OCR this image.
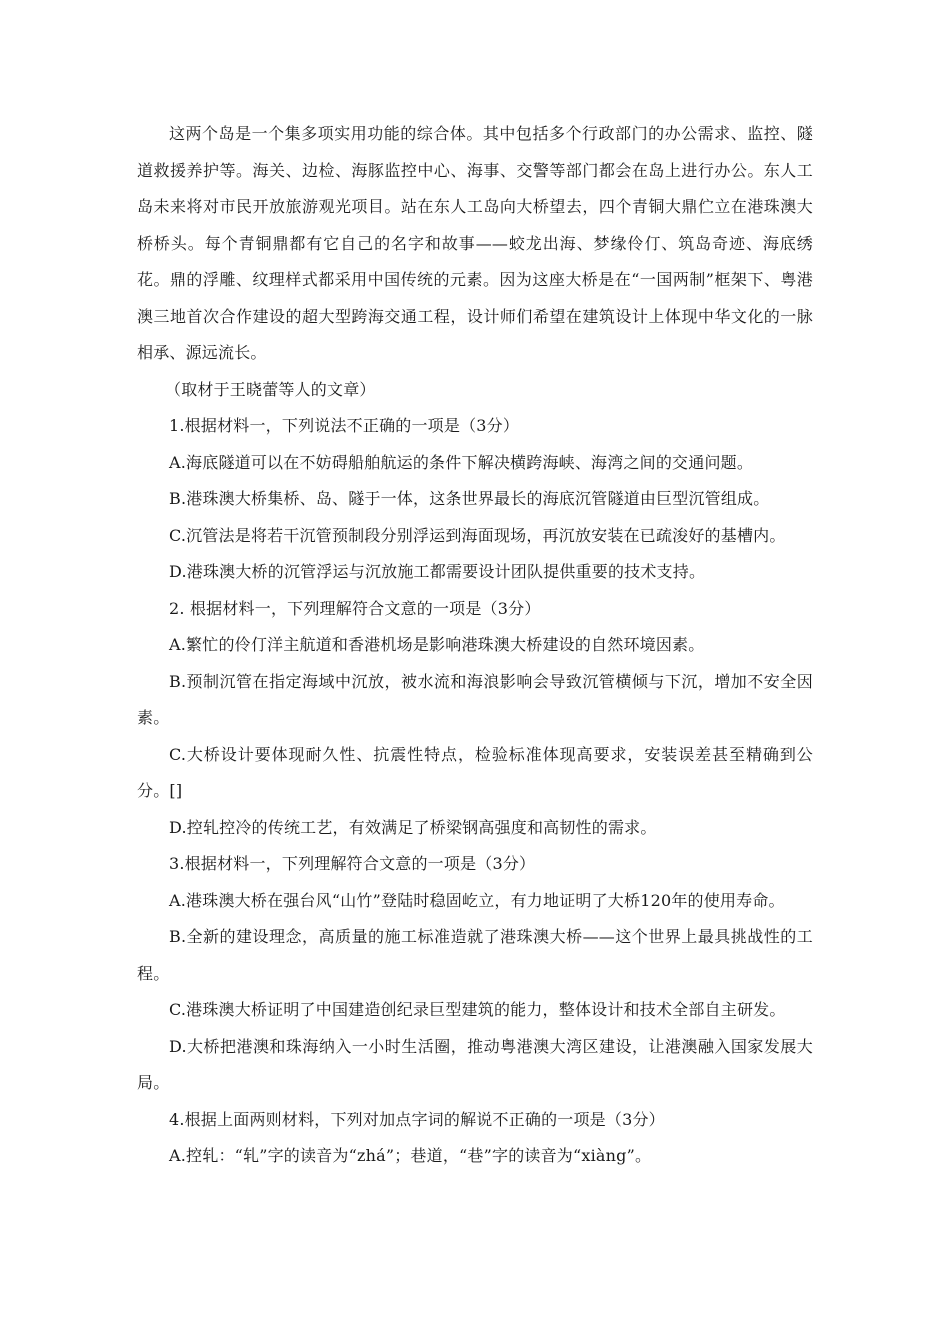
这两个岛是一个集多项实用功能的综合体。其中包括多个行政部门的办公需求、监控、隧道救援养护等。海关、边检、海豚监控中心、海事、交警等部门都会在岛上进行办公。东人工岛未来将对市民开放旅游观光项目。站在东人工岛向大桥望去，四个青铜大鼎伫立在港珠澳大桥桥头。每个青铜鼎都有它自己的名字和故事——蛟龙出海、梦缘伶仃、筑岛奇迹、海底绣花。鼎的浮雕、纹理样式都采用中国传统的元素。因为这座大桥是在“一国两制”框架下、粤港澳三地首次合作建设的超大型跨海交通工程，设计师们希望在建筑设计上体现中华文化的一脉相承、源远流长。

（取材于王晓蕾等人的文章）

1.根据材料一，下列说法不正确的一项是（3分）

A.海底隧道可以在不妨碍船舶航运的条件下解决横跨海峡、海湾之间的交通问题。

B.港珠澳大桥集桥、岛、隧于一体，这条世界最长的海底沉管隧道由巨型沉管组成。

C.沉管法是将若干沉管预制段分别浮运到海面现场，再沉放安装在已疏浚好的基槽内。

D.港珠澳大桥的沉管浮运与沉放施工都需要设计团队提供重要的技术支持。

2. 根据材料一，下列理解符合文意的一项是（3分）

A.繁忙的伶仃洋主航道和香港机场是影响港珠澳大桥建设的自然环境因素。

B.预制沉管在指定海域中沉放，被水流和海浪影响会导致沉管横倾与下沉，增加不安全因素。

C.大桥设计要体现耐久性、抗震性特点，检验标准体现高要求，安装误差甚至精确到公分。[]

D.控轧控冷的传统工艺，有效满足了桥梁钢高强度和高韧性的需求。

3.根据材料一，下列理解符合文意的一项是（3分）

A.港珠澳大桥在强台风“山竹”登陆时稳固屹立，有力地证明了大桥120年的使用寿命。

B.全新的建设理念，高质量的施工标准造就了港珠澳大桥——这个世界上最具挑战性的工程。

C.港珠澳大桥证明了中国建造创纪录巨型建筑的能力，整体设计和技术全部自主研发。

D.大桥把港澳和珠海纳入一小时生活圈，推动粤港澳大湾区建设，让港澳融入国家发展大局。

4.根据上面两则材料，下列对加点字词的解说不正确的一项是（3分）

A.控轧：“轧”字的读音为“zhá”；巷道，“巷”字的读音为“xiàng”。
